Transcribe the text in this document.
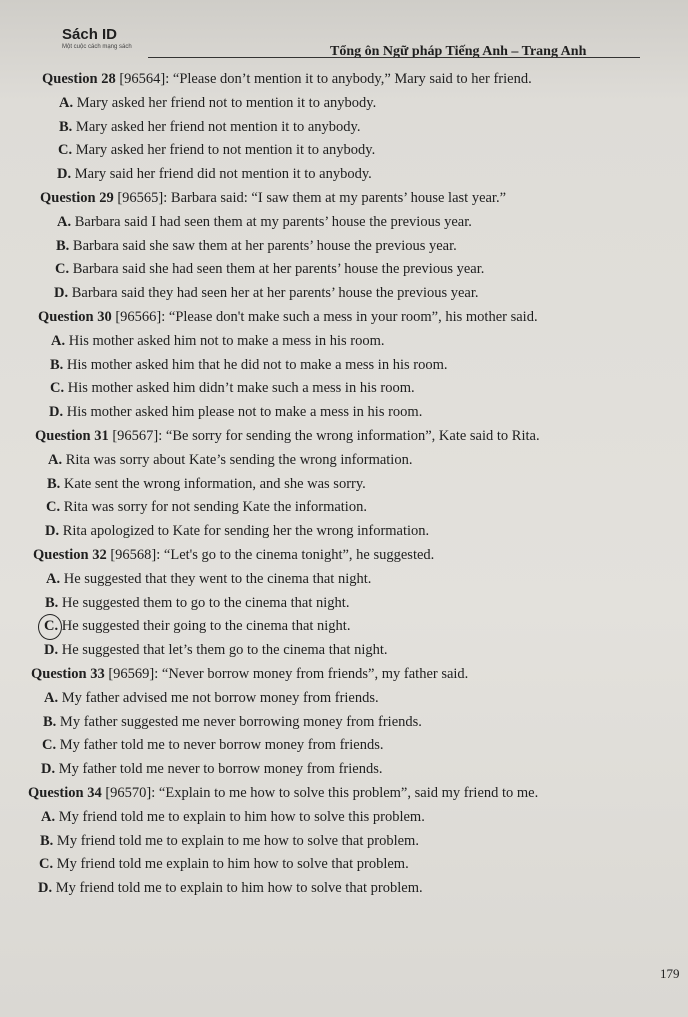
Sách ID
Một cuộc cách mạng sách	Tổng ôn Ngữ pháp Tiếng Anh – Trang Anh
Question 28 [96564]: “Please don’t mention it to anybody,” Mary said to her friend.
A. Mary asked her friend not to mention it to anybody.
B. Mary asked her friend not mention it to anybody.
C. Mary asked her friend to not mention it to anybody.
D. Mary said her friend did not mention it to anybody.
Question 29 [96565]: Barbara said: “I saw them at my parents’ house last year.”
A. Barbara said I had seen them at my parents’ house the previous year.
B. Barbara said she saw them at her parents’ house the previous year.
C. Barbara said she had seen them at her parents’ house the previous year.
D. Barbara said they had seen her at her parents’ house the previous year.
Question 30 [96566]: “Please don't make such a mess in your room”, his mother said.
A. His mother asked him not to make a mess in his room.
B. His mother asked him that he did not to make a mess in his room.
C. His mother asked him didn’t make such a mess in his room.
D. His mother asked him please not to make a mess in his room.
Question 31 [96567]: “Be sorry for sending the wrong information”, Kate said to Rita.
A. Rita was sorry about Kate’s sending the wrong information.
B. Kate sent the wrong information, and she was sorry.
C. Rita was sorry for not sending Kate the information.
D. Rita apologized to Kate for sending her the wrong information.
Question 32 [96568]: “Let's go to the cinema tonight”, he suggested.
A. He suggested that they went to the cinema that night.
B. He suggested them to go to the cinema that night.
C. He suggested their going to the cinema that night.
D. He suggested that let’s them go to the cinema that night.
Question 33 [96569]: “Never borrow money from friends”, my father said.
A. My father advised me not borrow money from friends.
B. My father suggested me never borrowing money from friends.
C. My father told me to never borrow money from friends.
D. My father told me never to borrow money from friends.
Question 34 [96570]: “Explain to me how to solve this problem”, said my friend to me.
A. My friend told me to explain to him how to solve this problem.
B. My friend told me to explain to me how to solve that problem.
C. My friend told me explain to him how to solve that problem.
D. My friend told me to explain to him how to solve that problem.
179
